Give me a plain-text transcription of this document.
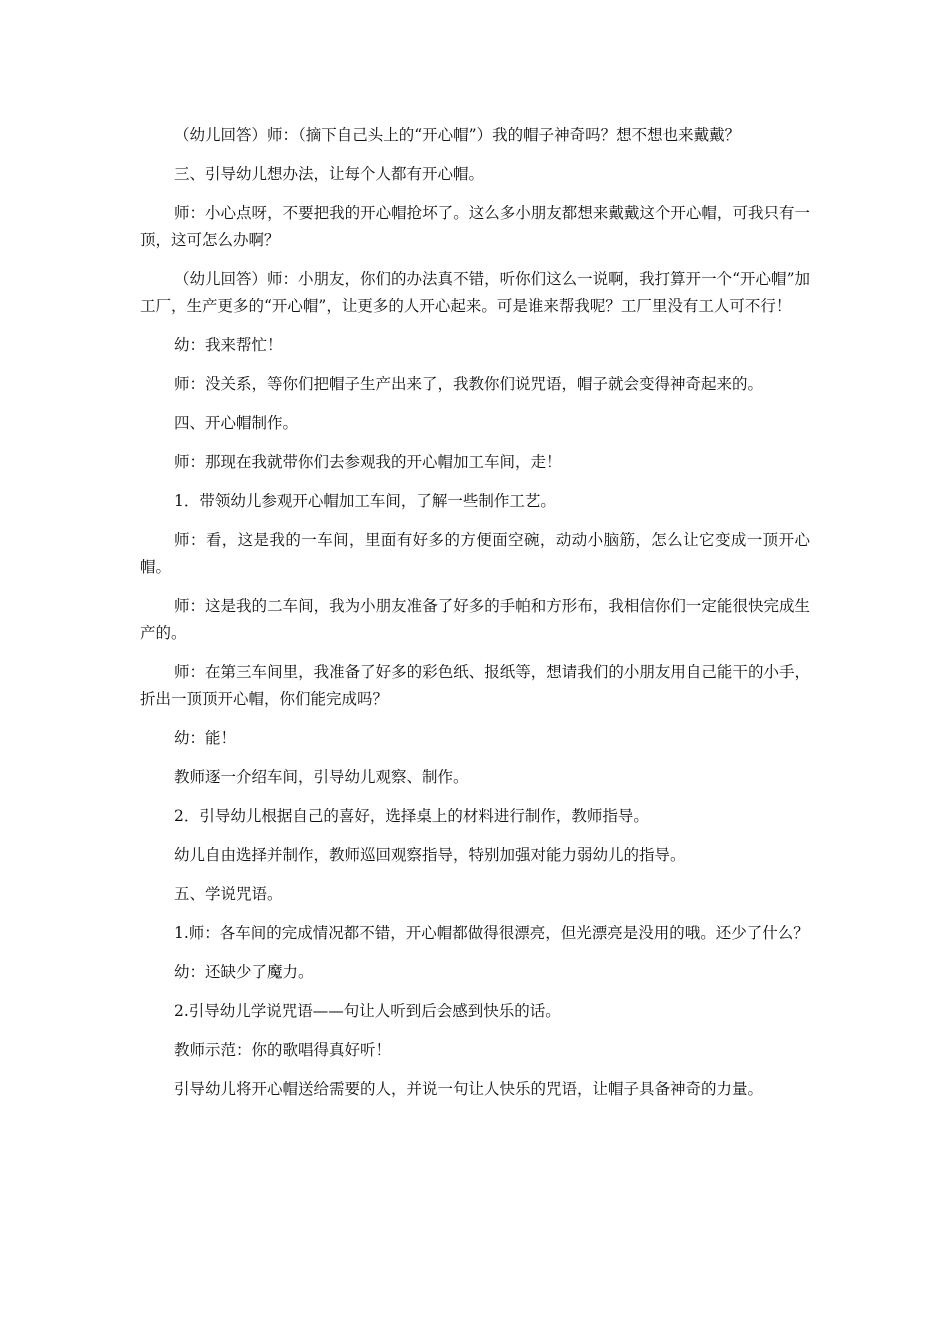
（幼儿回答）师：（摘下自己头上的“开心帽”）我的帽子神奇吗？想不想也来戴戴？

三、引导幼儿想办法，让每个人都有开心帽。

师：小心点呀，不要把我的开心帽抢坏了。这么多小朋友都想来戴戴这个开心帽，可我只有一顶，这可怎么办啊？

（幼儿回答）师：小朋友，你们的办法真不错，听你们这么一说啊，我打算开一个“开心帽”加工厂，生产更多的“开心帽”，让更多的人开心起来。可是谁来帮我呢？工厂里没有工人可不行！

幼：我来帮忙！

师：没关系，等你们把帽子生产出来了，我教你们说咒语，帽子就会变得神奇起来的。

四、开心帽制作。

师：那现在我就带你们去参观我的开心帽加工车间，走！

1．带领幼儿参观开心帽加工车间，了解一些制作工艺。

师：看，这是我的一车间，里面有好多的方便面空碗，动动小脑筋，怎么让它变成一顶开心帽。

师：这是我的二车间，我为小朋友准备了好多的手帕和方形布，我相信你们一定能很快完成生产的。

师：在第三车间里，我准备了好多的彩色纸、报纸等，想请我们的小朋友用自己能干的小手，折出一顶顶开心帽，你们能完成吗？

幼：能！

教师逐一介绍车间，引导幼儿观察、制作。

2．引导幼儿根据自己的喜好，选择桌上的材料进行制作，教师指导。

幼儿自由选择并制作，教师巡回观察指导，特别加强对能力弱幼儿的指导。

五、学说咒语。

1.师：各车间的完成情况都不错，开心帽都做得很漂亮，但光漂亮是没用的哦。还少了什么？

幼：还缺少了魔力。

2.引导幼儿学说咒语——句让人听到后会感到快乐的话。

教师示范：你的歌唱得真好听！

引导幼儿将开心帽送给需要的人，并说一句让人快乐的咒语，让帽子具备神奇的力量。
